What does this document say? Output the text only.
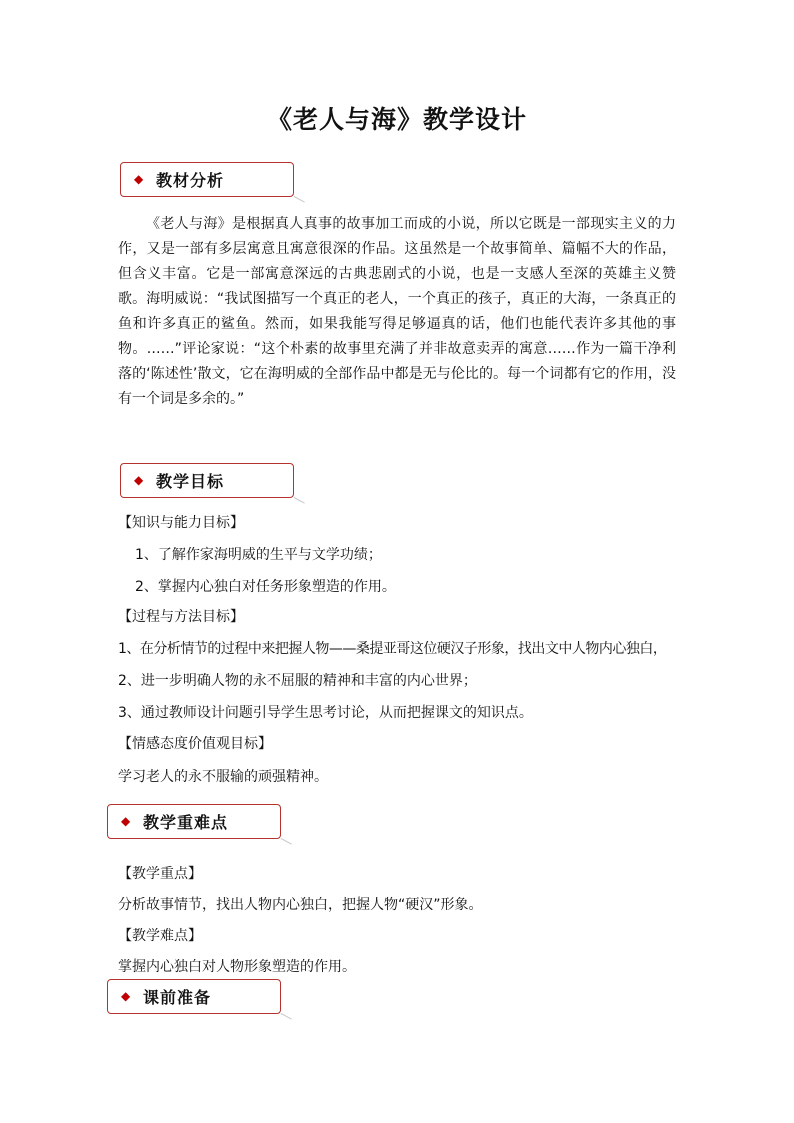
《老人与海》教学设计
◆ 教材分析
《老人与海》是根据真人真事的故事加工而成的小说，所以它既是一部现实主义的力作，又是一部有多层寓意且寓意很深的作品。这虽然是一个故事简单、篇幅不大的作品，但含义丰富。它是一部寓意深远的古典悲剧式的小说，也是一支感人至深的英雄主义赞歌。海明威说：“我试图描写一个真正的老人，一个真正的孩子，真正的大海，一条真正的鱼和许多真正的鲨鱼。然而，如果我能写得足够逼真的话，他们也能代表许多其他的事物。……”评论家说：“这个朴素的故事里充满了并非故意卖弄的寓意……作为一篇干净利落的‘陈述性’散文，它在海明威的全部作品中都是无与伦比的。每一个词都有它的作用，没有一个词是多余的。”
◆ 教学目标
【知识与能力目标】
1、了解作家海明威的生平与文学功绩；
2、掌握内心独白对任务形象塑造的作用。
【过程与方法目标】
1、在分析情节的过程中来把握人物——桑提亚哥这位硬汉子形象，找出文中人物内心独白，
2、进一步明确人物的永不屈服的精神和丰富的内心世界；
3、通过教师设计问题引导学生思考讨论，从而把握课文的知识点。
【情感态度价值观目标】
学习老人的永不服输的顽强精神。
◆ 教学重难点
【教学重点】
分析故事情节，找出人物内心独白，把握人物“硬汉”形象。
【教学难点】
掌握内心独白对人物形象塑造的作用。
◆ 课前准备
